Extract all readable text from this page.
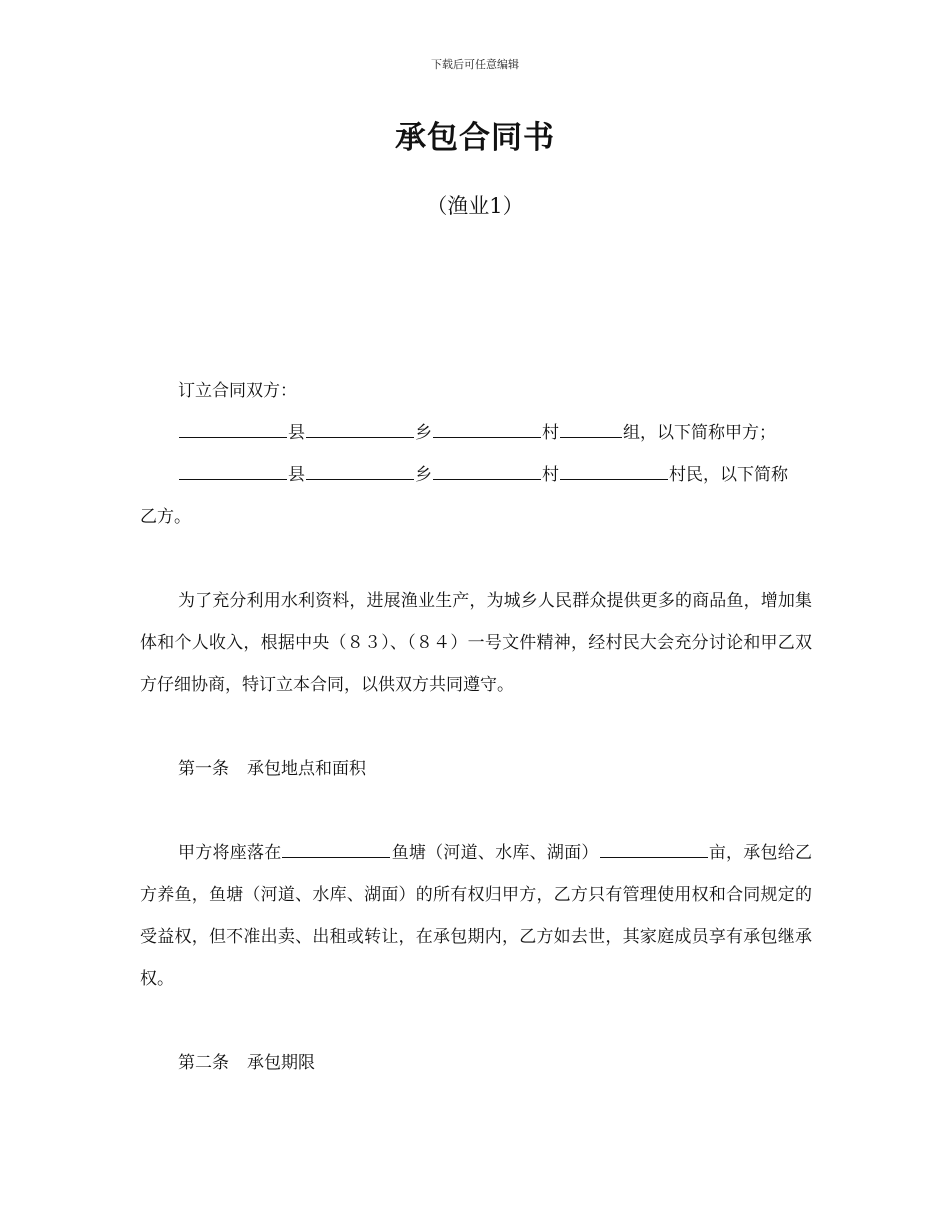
下载后可任意编辑
承包合同书
（渔业1）

订立合同双方：

县	乡	村	组，以下简称甲方；

县	乡	村	村民，以下简称

乙方。

为了充分利用水利资料，进展渔业生产，为城乡人民群众提供更多的商品鱼，增加集体和个人收入，根据中央（８３）、（８４）一号文件精神，经村民大会充分讨论和甲乙双方仔细协商，特订立本合同，以供双方共同遵守。

第一条 承包地点和面积

甲方将座落在	鱼塘（河道、水库、湖面）	亩，承包给乙方养鱼，鱼塘（河道、水库、湖面）的所有权归甲方，乙方只有管理使用权和合同规定的受益权，但不准出卖、出租或转让，在承包期内，乙方如去世，其家庭成员享有承包继承权。

第二条 承包期限
